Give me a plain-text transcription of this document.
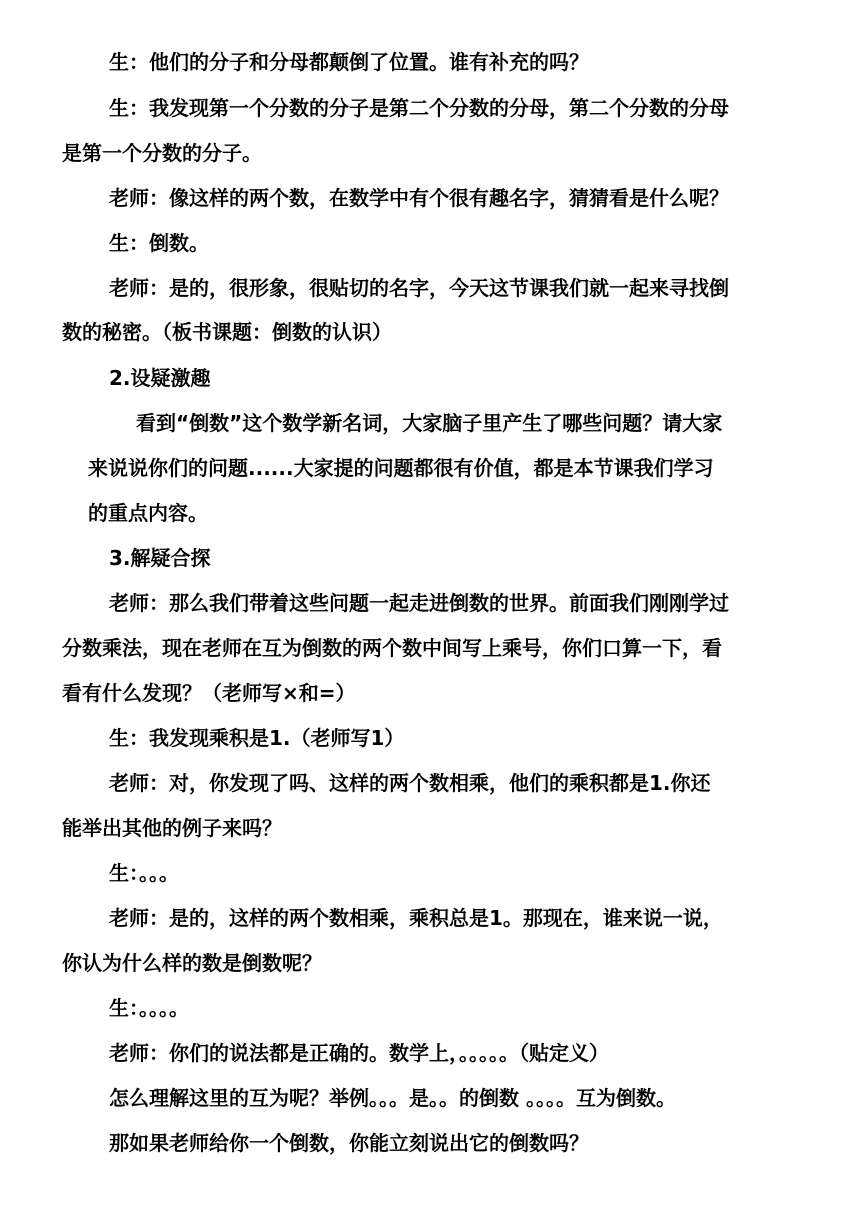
生：他们的分子和分母都颠倒了位置。谁有补充的吗？
生：我发现第一个分数的分子是第二个分数的分母，第二个分数的分母
是第一个分数的分子。
老师：像这样的两个数，在数学中有个很有趣名字，猜猜看是什么呢？
生：倒数。
老师：是的，很形象，很贴切的名字，今天这节课我们就一起来寻找倒
数的秘密。（板书课题：倒数的认识）
2.设疑激趣
看到“倒数”这个数学新名词，大家脑子里产生了哪些问题？请大家
来说说你们的问题......大家提的问题都很有价值，都是本节课我们学习
的重点内容。
3.解疑合探
老师：那么我们带着这些问题一起走进倒数的世界。前面我们刚刚学过
分数乘法，现在老师在互为倒数的两个数中间写上乘号，你们口算一下，看
看有什么发现？（老师写×和=）
生：我发现乘积是1.（老师写1）
老师：对，你发现了吗、这样的两个数相乘，他们的乘积都是1.你还
能举出其他的例子来吗？
生：。。。
老师：是的，这样的两个数相乘，乘积总是1。那现在，谁来说一说，
你认为什么样的数是倒数呢？
生：。。。。
老师：你们的说法都是正确的。数学上，。。。。。（贴定义）
怎么理解这里的互为呢？举例。。。是。。的倒数 。。。。互为倒数。
那如果老师给你一个倒数，你能立刻说出它的倒数吗？
